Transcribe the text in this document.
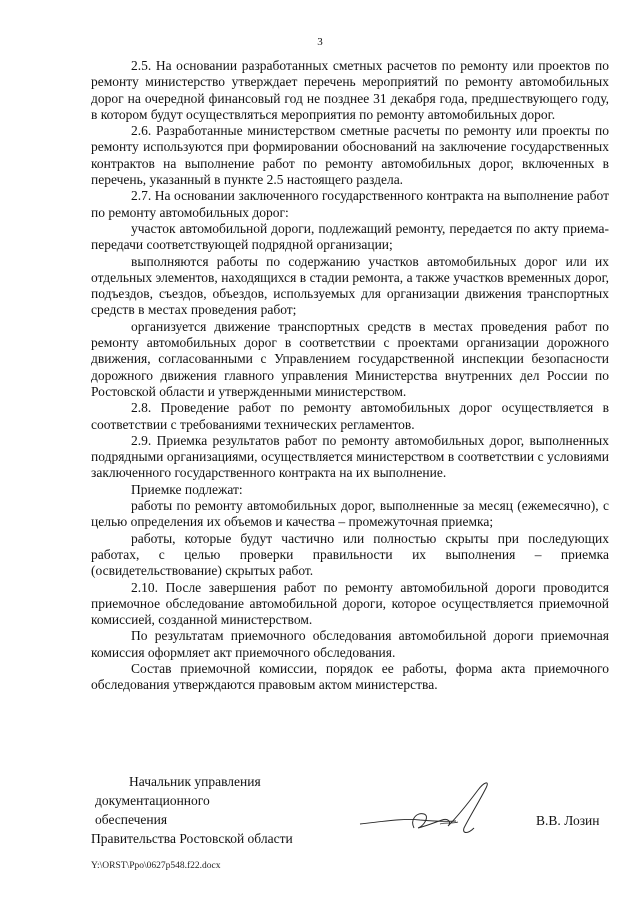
3

2.5. На основании разработанных сметных расчетов по ремонту или проектов по ремонту министерство утверждает перечень мероприятий по ремонту автомобильных дорог на очередной финансовый год не позднее 31 декабря года, предшествующего году, в котором будут осуществляться мероприятия по ремонту автомобильных дорог.

2.6. Разработанные министерством сметные расчеты по ремонту или проекты по ремонту используются при формировании обоснований на заключение государственных контрактов на выполнение работ по ремонту автомобильных дорог, включенных в перечень, указанный в пункте 2.5 настоящего раздела.

2.7. На основании заключенного государственного контракта на выполнение работ по ремонту автомобильных дорог:

участок автомобильной дороги, подлежащий ремонту, передается по акту приема-передачи соответствующей подрядной организации;

выполняются работы по содержанию участков автомобильных дорог или их отдельных элементов, находящихся в стадии ремонта, а также участков временных дорог, подъездов, съездов, объездов, используемых для организации движения транспортных средств в местах проведения работ;

организуется движение транспортных средств в местах проведения работ по ремонту автомобильных дорог в соответствии с проектами организации дорожного движения, согласованными с Управлением государственной инспекции безопасности дорожного движения главного управления Министерства внутренних дел России по Ростовской области и утвержденными министерством.

2.8. Проведение работ по ремонту автомобильных дорог осуществляется в соответствии с требованиями технических регламентов.

2.9. Приемка результатов работ по ремонту автомобильных дорог, выполненных подрядными организациями, осуществляется министерством в соответствии с условиями заключенного государственного контракта на их выполнение.

Приемке подлежат:

работы по ремонту автомобильных дорог, выполненные за месяц (ежемесячно), с целью определения их объемов и качества – промежуточная приемка;

работы, которые будут частично или полностью скрыты при последующих работах, с целью проверки правильности их выполнения – приемка (освидетельствование) скрытых работ.

2.10. После завершения работ по ремонту автомобильной дороги проводится приемочное обследование автомобильной дороги, которое осуществляется приемочной комиссией, созданной министерством.

По результатам приемочного обследования автомобильной дороги приемочная комиссия оформляет акт приемочного обследования.

Состав приемочной комиссии, порядок ее работы, форма акта приемочного обследования утверждаются правовым актом министерства.

Начальник управления
документационного обеспечения
Правительства Ростовской области
В.В. Лозин
Y:\ORST\Ppo\0627p548.f22.docx
